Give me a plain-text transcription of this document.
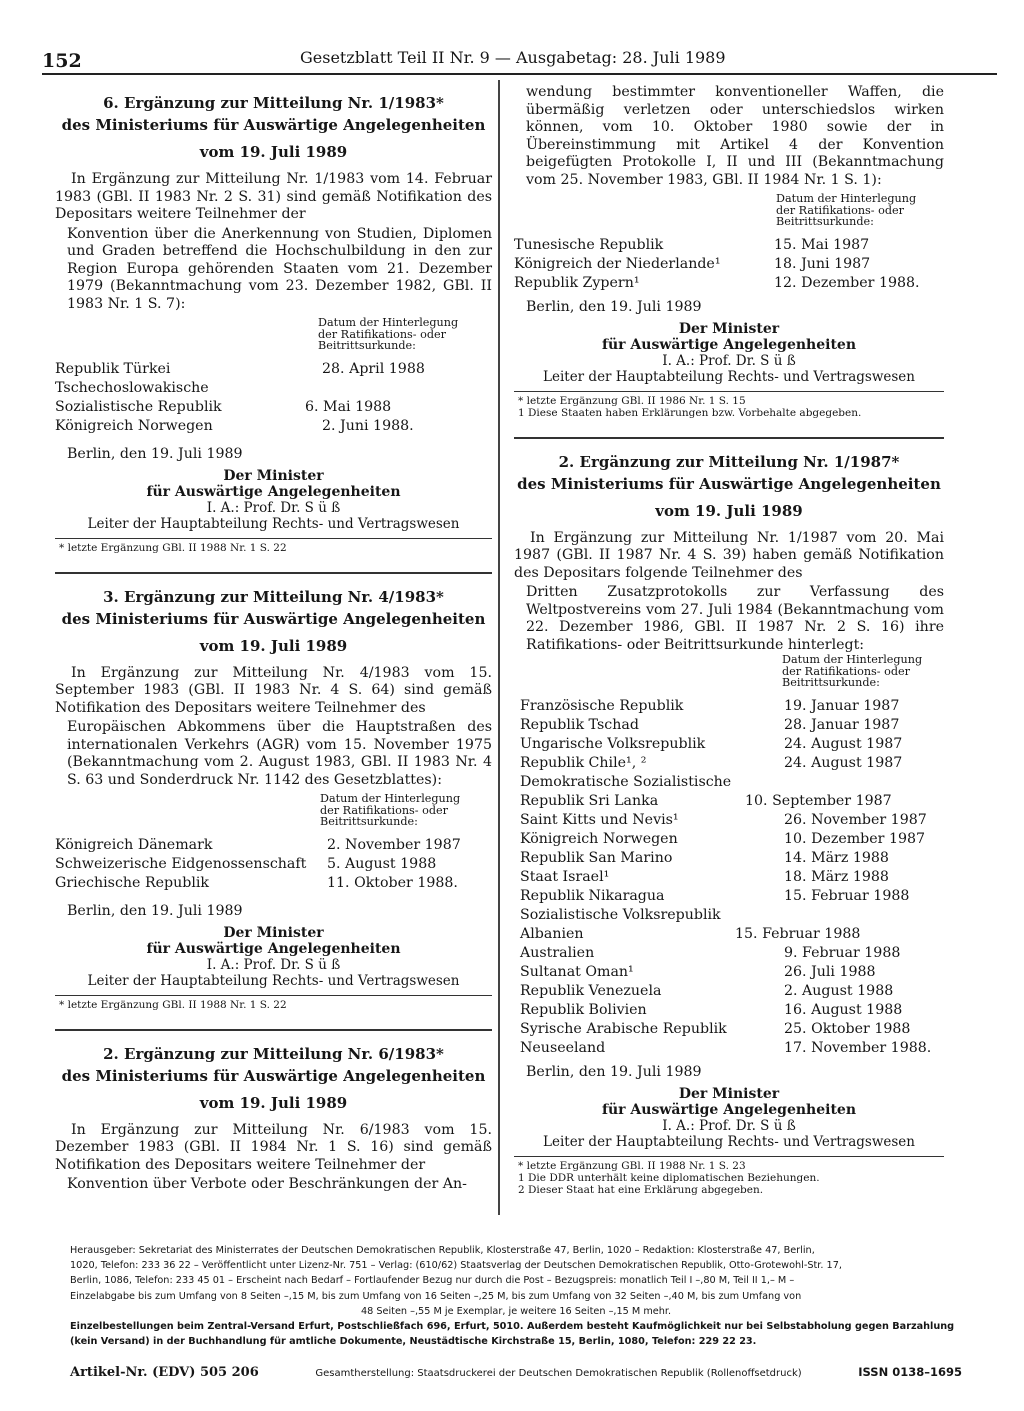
152	Gesetzblatt Teil II Nr. 9 — Ausgabetag: 28. Juli 1989

6. Ergänzung zur Mitteilung Nr. 1/1983*

des Ministeriums für Auswärtige Angelegenheiten

vom 19. Juli 1989

In Ergänzung zur Mitteilung Nr. 1/1983 vom 14. Februar 1983 (GBl. II 1983 Nr. 2 S. 31) sind gemäß Notifikation des Depositars weitere Teilnehmer der

Konvention über die Anerkennung von Studien, Diplomen und Graden betreffend die Hochschulbildung in den zur Region Europa gehörenden Staaten vom 21. Dezember 1979 (Bekanntmachung vom 23. Dezember 1982, GBl. II 1983 Nr. 1 S. 7):

Datum der Hinterlegung
der Ratifikations- oder
Beitrittsurkunde:
Republik Türkei	28. April 1988
Tschechoslowakische Sozialistische Republik	6. Mai 1988
Königreich Norwegen	2. Juni 1988.
Berlin, den 19. Juli 1989
Der Minister
für Auswärtige Angelegenheiten
I. A.: Prof. Dr. S ü ß
Leiter der Hauptabteilung Rechts- und Vertragswesen
* letzte Ergänzung GBl. II 1988 Nr. 1 S. 22

3. Ergänzung zur Mitteilung Nr. 4/1983*

des Ministeriums für Auswärtige Angelegenheiten

vom 19. Juli 1989

In Ergänzung zur Mitteilung Nr. 4/1983 vom 15. September 1983 (GBl. II 1983 Nr. 4 S. 64) sind gemäß Notifikation des Depositars weitere Teilnehmer des

Europäischen Abkommens über die Hauptstraßen des internationalen Verkehrs (AGR) vom 15. November 1975 (Bekanntmachung vom 2. August 1983, GBl. II 1983 Nr. 4 S. 63 und Sonderdruck Nr. 1142 des Gesetzblattes):

Datum der Hinterlegung
der Ratifikations- oder
Beitrittsurkunde:
Königreich Dänemark	2. November 1987
Schweizerische Eidgenossenschaft	5. August 1988
Griechische Republik	11. Oktober 1988.
Berlin, den 19. Juli 1989
Der Minister
für Auswärtige Angelegenheiten
I. A.: Prof. Dr. S ü ß
Leiter der Hauptabteilung Rechts- und Vertragswesen
* letzte Ergänzung GBl. II 1988 Nr. 1 S. 22

2. Ergänzung zur Mitteilung Nr. 6/1983*

des Ministeriums für Auswärtige Angelegenheiten

vom 19. Juli 1989

In Ergänzung zur Mitteilung Nr. 6/1983 vom 15. Dezember 1983 (GBl. II 1984 Nr. 1 S. 16) sind gemäß Notifikation des Depositars weitere Teilnehmer der

Konvention über Verbote oder Beschränkungen der An-

wendung bestimmter konventioneller Waffen, die übermäßig verletzen oder unterschiedslos wirken können, vom 10. Oktober 1980 sowie der in Übereinstimmung mit Artikel 4 der Konvention beigefügten Protokolle I, II und III (Bekanntmachung vom 25. November 1983, GBl. II 1984 Nr. 1 S. 1):

Datum der Hinterlegung
der Ratifikations- oder
Beitrittsurkunde:
Tunesische Republik	15. Mai 1987
Königreich der Niederlande¹	18. Juni 1987
Republik Zypern¹	12. Dezember 1988.
Berlin, den 19. Juli 1989
Der Minister
für Auswärtige Angelegenheiten
I. A.: Prof. Dr. S ü ß
Leiter der Hauptabteilung Rechts- und Vertragswesen
* letzte Ergänzung GBl. II 1986 Nr. 1 S. 15
1 Diese Staaten haben Erklärungen bzw. Vorbehalte abgegeben.

2. Ergänzung zur Mitteilung Nr. 1/1987*

des Ministeriums für Auswärtige Angelegenheiten

vom 19. Juli 1989

In Ergänzung zur Mitteilung Nr. 1/1987 vom 20. Mai 1987 (GBl. II 1987 Nr. 4 S. 39) haben gemäß Notifikation des Depositars folgende Teilnehmer des

Dritten Zusatzprotokolls zur Verfassung des Weltpostvereins vom 27. Juli 1984 (Bekanntmachung vom 22. Dezember 1986, GBl. II 1987 Nr. 2 S. 16) ihre Ratifikations- oder Beitrittsurkunde hinterlegt:

Datum der Hinterlegung
der Ratifikations- oder
Beitrittsurkunde:
Französische Republik	19. Januar 1987
Republik Tschad	28. Januar 1987
Ungarische Volksrepublik	24. August 1987
Republik Chile¹, ²	24. August 1987
Demokratische Sozialistische Republik Sri Lanka	10. September 1987
Saint Kitts und Nevis¹	26. November 1987
Königreich Norwegen	10. Dezember 1987
Republik San Marino	14. März 1988
Staat Israel¹	18. März 1988
Republik Nikaragua	15. Februar 1988
Sozialistische Volksrepublik Albanien	15. Februar 1988
Australien	9. Februar 1988
Sultanat Oman¹	26. Juli 1988
Republik Venezuela	2. August 1988
Republik Bolivien	16. August 1988
Syrische Arabische Republik	25. Oktober 1988
Neuseeland	17. November 1988.
Berlin, den 19. Juli 1989
Der Minister
für Auswärtige Angelegenheiten
I. A.: Prof. Dr. S ü ß
Leiter der Hauptabteilung Rechts- und Vertragswesen
* letzte Ergänzung GBl. II 1988 Nr. 1 S. 23
1 Die DDR unterhält keine diplomatischen Beziehungen.
2 Dieser Staat hat eine Erklärung abgegeben.
Herausgeber: Sekretariat des Ministerrates der Deutschen Demokratischen Republik, Klosterstraße 47, Berlin, 1020 – Redaktion: Klosterstraße 47, Berlin,
1020, Telefon: 233 36 22 – Veröffentlicht unter Lizenz-Nr. 751 – Verlag: (610/62) Staatsverlag der Deutschen Demokratischen Republik, Otto-Grotewohl-Str. 17,
Berlin, 1086, Telefon: 233 45 01 – Erscheint nach Bedarf – Fortlaufender Bezug nur durch die Post – Bezugspreis: monatlich Teil I –,80 M, Teil II 1,– M –
Einzelabgabe bis zum Umfang von 8 Seiten –,15 M, bis zum Umfang von 16 Seiten –,25 M, bis zum Umfang von 32 Seiten –,40 M, bis zum Umfang von
48 Seiten –,55 M je Exemplar, je weitere 16 Seiten –,15 M mehr.
Einzelbestellungen beim Zentral-Versand Erfurt, Postschließfach 696, Erfurt, 5010. Außerdem besteht Kaufmöglichkeit nur bei Selbstabholung gegen Barzahlung
(kein Versand) in der Buchhandlung für amtliche Dokumente, Neustädtische Kirchstraße 15, Berlin, 1080, Telefon: 229 22 23.
Artikel-Nr. (EDV) 505 206	Gesamtherstellung: Staatsdruckerei der Deutschen Demokratischen Republik (Rollenoffsetdruck)	ISSN 0138–1695
